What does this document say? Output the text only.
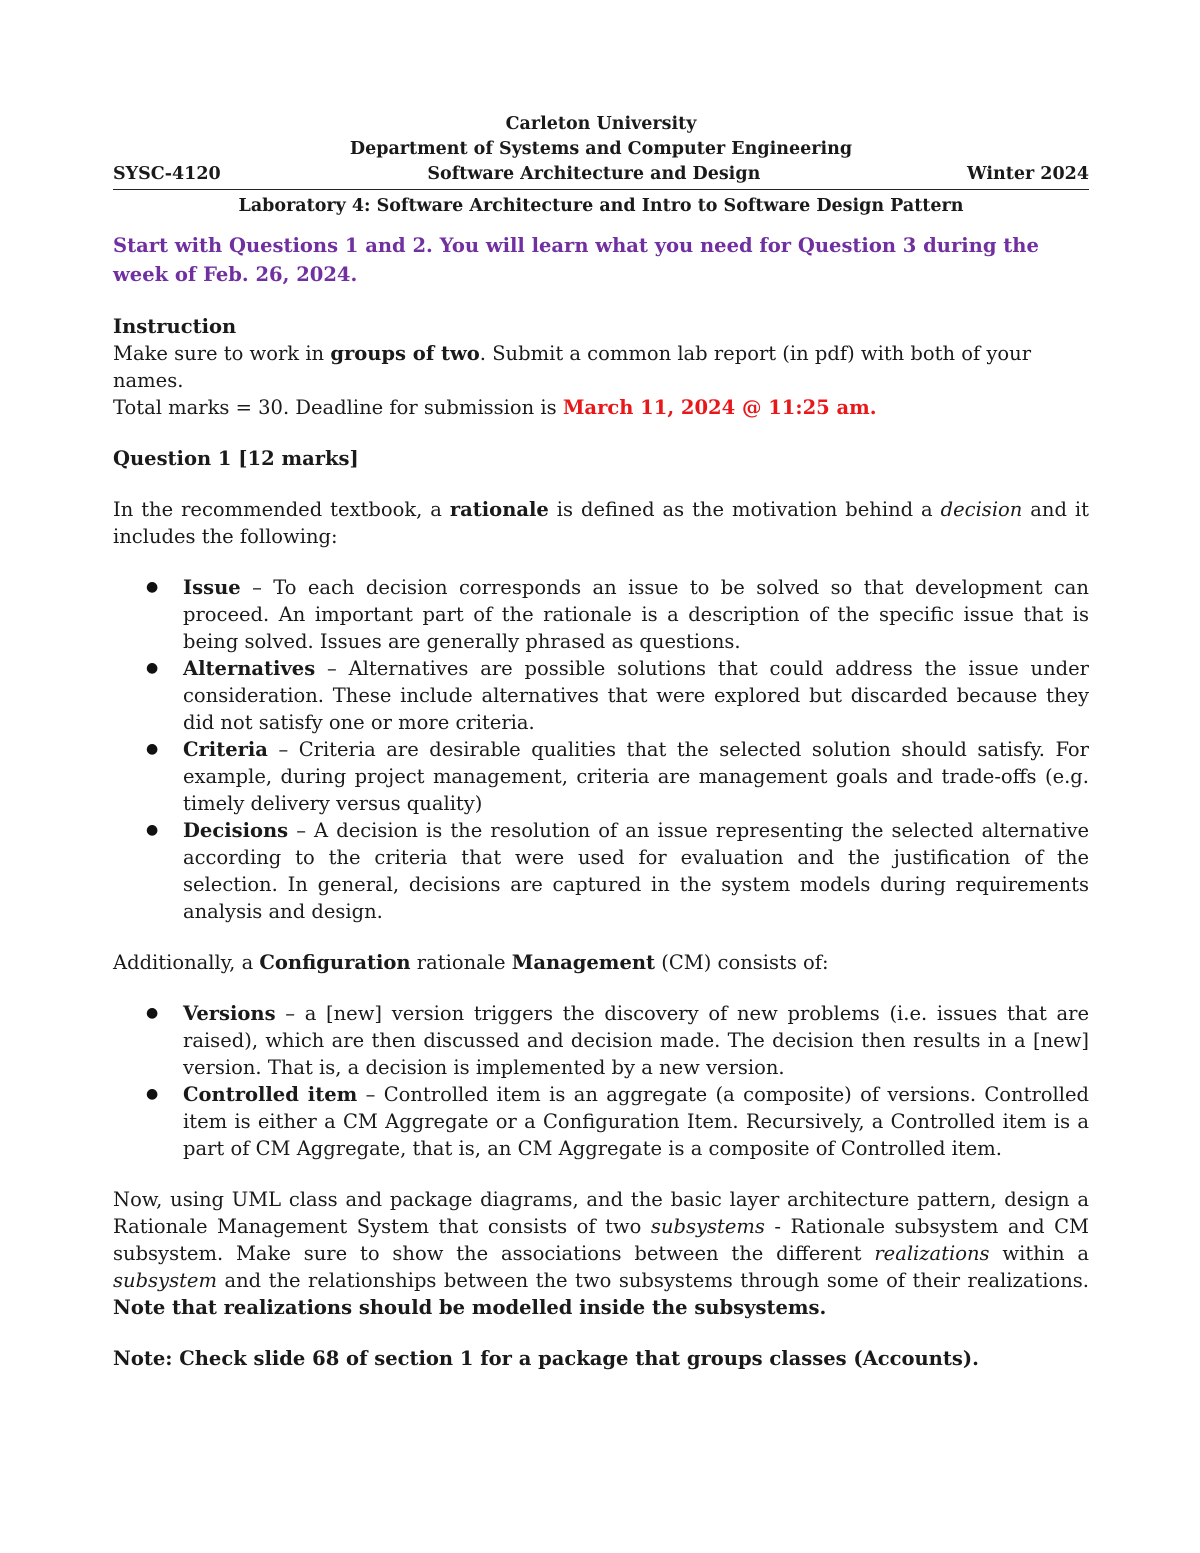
Carleton University
Department of Systems and Computer Engineering
SYSC-4120	Software Architecture and Design	Winter 2024
Laboratory 4: Software Architecture and Intro to Software Design Pattern

Start with Questions 1 and 2. You will learn what you need for Question 3 during the week of Feb. 26, 2024.

Instruction

Make sure to work in groups of two. Submit a common lab report (in pdf) with both of your names.

Total marks = 30. Deadline for submission is March 11, 2024 @ 11:25 am.

Question 1 [12 marks]

In the recommended textbook, a rationale is defined as the motivation behind a decision and it includes the following:

● Issue – To each decision corresponds an issue to be solved so that development can proceed. An important part of the rationale is a description of the specific issue that is being solved. Issues are generally phrased as questions.
● Alternatives – Alternatives are possible solutions that could address the issue under consideration. These include alternatives that were explored but discarded because they did not satisfy one or more criteria.
● Criteria – Criteria are desirable qualities that the selected solution should satisfy. For example, during project management, criteria are management goals and trade-offs (e.g. timely delivery versus quality)
● Decisions – A decision is the resolution of an issue representing the selected alternative according to the criteria that were used for evaluation and the justification of the selection. In general, decisions are captured in the system models during requirements analysis and design.

Additionally, a Configuration rationale Management (CM) consists of:

● Versions – a [new] version triggers the discovery of new problems (i.e. issues that are raised), which are then discussed and decision made. The decision then results in a [new] version. That is, a decision is implemented by a new version.
● Controlled item – Controlled item is an aggregate (a composite) of versions. Controlled item is either a CM Aggregate or a Configuration Item. Recursively, a Controlled item is a part of CM Aggregate, that is, an CM Aggregate is a composite of Controlled item.

Now, using UML class and package diagrams, and the basic layer architecture pattern, design a Rationale Management System that consists of two subsystems - Rationale subsystem and CM subsystem. Make sure to show the associations between the different realizations within a subsystem and the relationships between the two subsystems through some of their realizations. Note that realizations should be modelled inside the subsystems.

Note: Check slide 68 of section 1 for a package that groups classes (Accounts).
